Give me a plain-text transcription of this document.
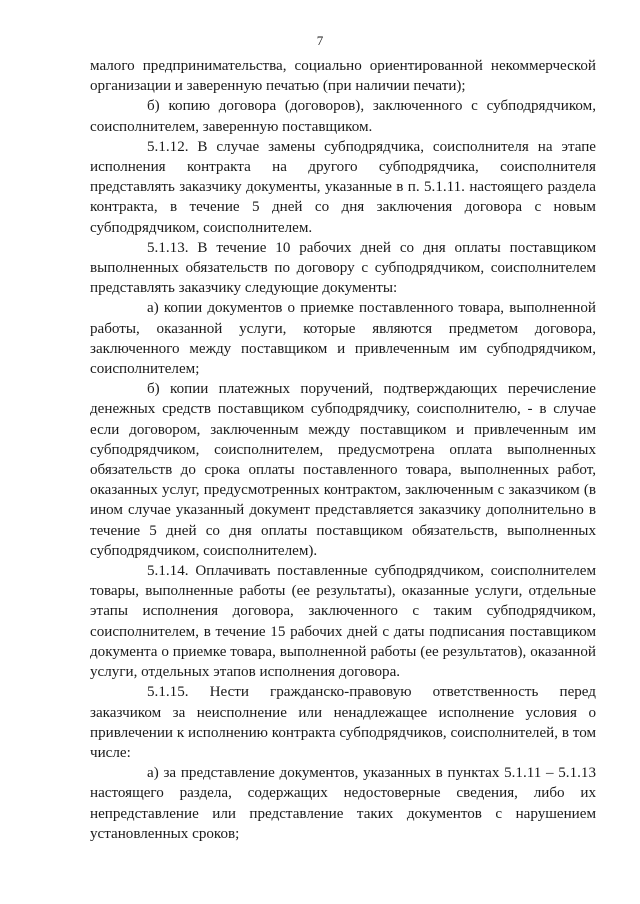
7

малого предпринимательства, социально ориентированной некоммерческой организации и заверенную печатью (при наличии печати);

б) копию договора (договоров), заключенного с субподрядчиком, соисполнителем, заверенную поставщиком.

5.1.12. В случае замены субподрядчика, соисполнителя на этапе исполнения контракта на другого субподрядчика, соисполнителя представлять заказчику документы, указанные в п. 5.1.11. настоящего раздела контракта, в течение 5 дней со дня заключения договора с новым субподрядчиком, соисполнителем.

5.1.13. В течение 10 рабочих дней со дня оплаты поставщиком выполненных обязательств по договору с субподрядчиком, соисполнителем представлять заказчику следующие документы:

а) копии документов о приемке поставленного товара, выполненной работы, оказанной услуги, которые являются предметом договора, заключенного между поставщиком и привлеченным им субподрядчиком, соисполнителем;

б) копии платежных поручений, подтверждающих перечисление денежных средств поставщиком субподрядчику, соисполнителю, - в случае если договором, заключенным между поставщиком и привлеченным им субподрядчиком, соисполнителем, предусмотрена оплата выполненных обязательств до срока оплаты поставленного товара, выполненных работ, оказанных услуг, предусмотренных контрактом, заключенным с заказчиком (в ином случае указанный документ представляется заказчику дополнительно в течение 5 дней со дня оплаты поставщиком обязательств, выполненных субподрядчиком, соисполнителем).

5.1.14. Оплачивать поставленные субподрядчиком, соисполнителем товары, выполненные работы (ее результаты), оказанные услуги, отдельные этапы исполнения договора, заключенного с таким субподрядчиком, соисполнителем, в течение 15 рабочих дней с даты подписания поставщиком документа о приемке товара, выполненной работы (ее результатов), оказанной услуги, отдельных этапов исполнения договора.

5.1.15. Нести гражданско-правовую ответственность перед заказчиком за неисполнение или ненадлежащее исполнение условия о привлечении к исполнению контракта субподрядчиков, соисполнителей, в том числе:

а) за представление документов, указанных в пунктах 5.1.11 – 5.1.13 настоящего раздела, содержащих недостоверные сведения, либо их непредставление или представление таких документов с нарушением установленных сроков;
